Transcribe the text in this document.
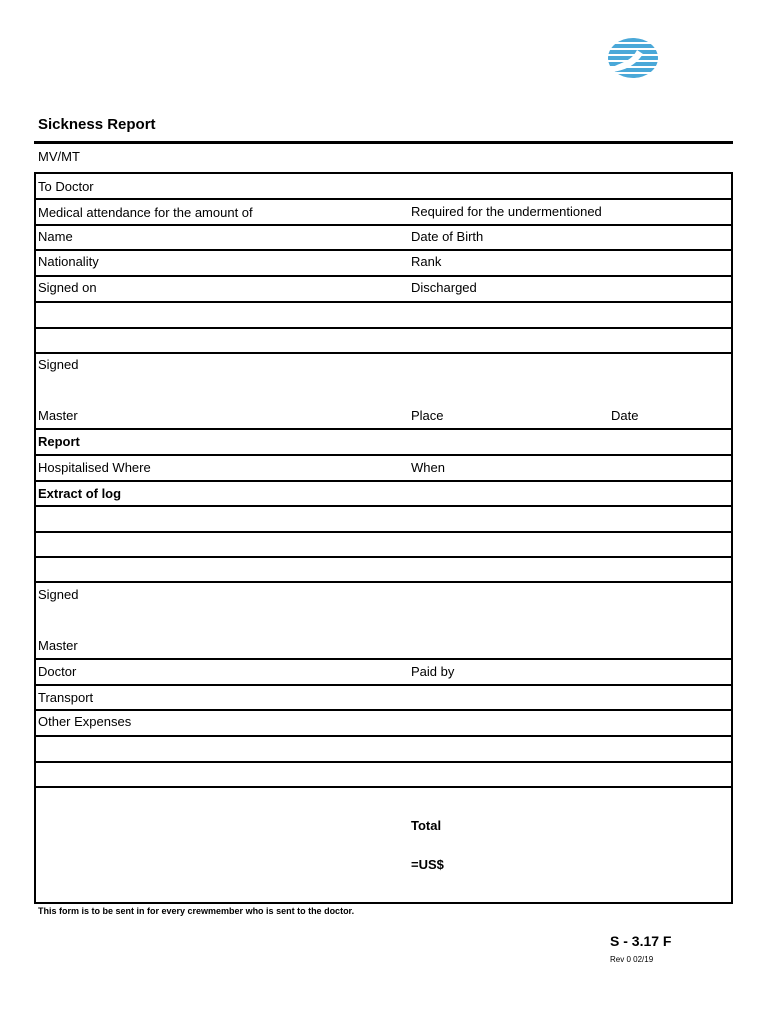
Sickness Report
MV/MT
To Doctor
Medical attendance for the amount of	Required for the undermentioned
Name	Date of Birth
Nationality	Rank
Signed on	Discharged
Signed
Master	Place	Date
Report
Hospitalised Where	When
Extract of log
Signed
Master
Doctor	Paid by
Transport
Other Expenses
Total
=US$
This form is to be sent in for every crewmember who is sent to the doctor.
S - 3.17 F
Rev 0 02/19
